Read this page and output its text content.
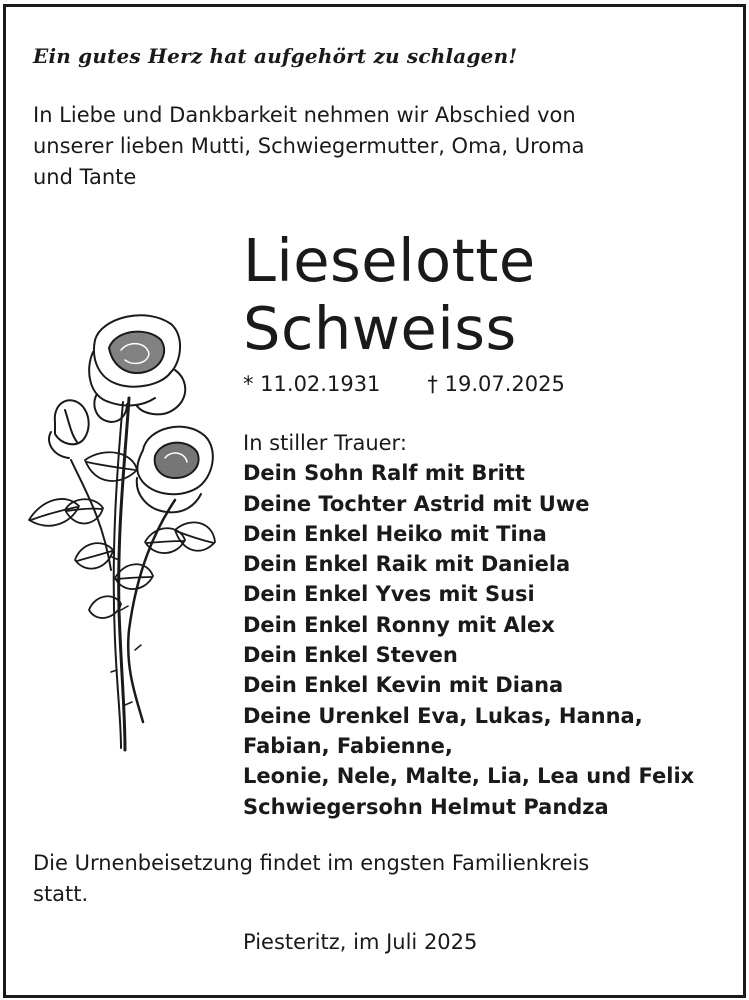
Ein gutes Herz hat aufgehört zu schlagen!

In Liebe und Dankbarkeit nehmen wir Abschied von
unserer lieben Mutti, Schwiegermutter, Oma, Uroma
und Tante

Lieselotte
Schweiss
* 11.02.1931 † 19.07.2025
In stiller Trauer:
Dein Sohn Ralf mit Britt
Deine Tochter Astrid mit Uwe
Dein Enkel Heiko mit Tina
Dein Enkel Raik mit Daniela
Dein Enkel Yves mit Susi
Dein Enkel Ronny mit Alex
Dein Enkel Steven
Dein Enkel Kevin mit Diana
Deine Urenkel Eva, Lukas, Hanna,
Fabian, Fabienne,
Leonie, Nele, Malte, Lia, Lea und Felix
Schwiegersohn Helmut Pandza

Die Urnenbeisetzung findet im engsten Familienkreis
statt.

Piesteritz, im Juli 2025
